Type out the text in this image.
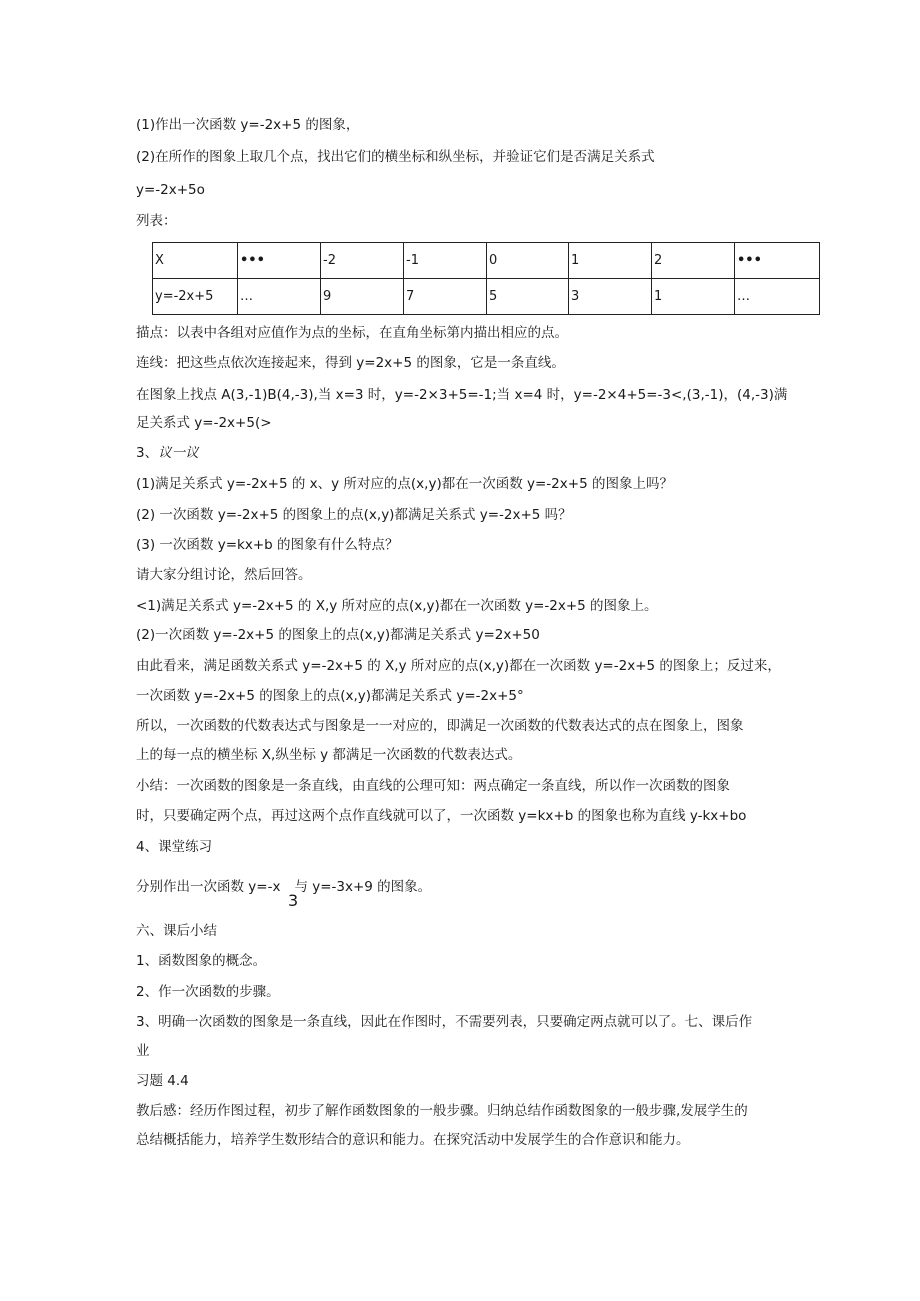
(1)作出一次函数 y=-2x+5 的图象，
(2)在所作的图象上取几个点，找出它们的横坐标和纵坐标，并验证它们是否满足关系式
y=-2x+5o
列表：
X	•••	-2	-1	0	1	2	•••
y=-2x+5	…	9	7	5	3	1	…
描点：以表中各组对应值作为点的坐标，在直角坐标第内描出相应的点。
连线：把这些点依次连接起来，得到 y=2x+5 的图象，它是一条直线。
在图象上找点 A(3,-1)B(4,-3),当 x=3 时，y=-2×3+5=-1;当 x=4 时，y=-2×4+5=-3<,(3,-1)，(4,-3)满
足关系式 y=-2x+5(>
3、议一议
(1)满足关系式 y=-2x+5 的 x、y 所对应的点(x,y)都在一次函数 y=-2x+5 的图象上吗？
(2) 一次函数 y=-2x+5 的图象上的点(x,y)都满足关系式 y=-2x+5 吗？
(3) 一次函数 y=kx+b 的图象有什么特点？
请大家分组讨论，然后回答。
<1)满足关系式 y=-2x+5 的 X,y 所对应的点(x,y)都在一次函数 y=-2x+5 的图象上。
(2)一次函数 y=-2x+5 的图象上的点(x,y)都满足关系式 y=2x+50
由此看来，满足函数关系式 y=-2x+5 的 X,y 所对应的点(x,y)都在一次函数 y=-2x+5 的图象上；反过来，
一次函数 y=-2x+5 的图象上的点(x,y)都满足关系式 y=-2x+5°
所以，一次函数的代数表达式与图象是一一对应的，即满足一次函数的代数表达式的点在图象上，图象
上的每一点的横坐标 X,纵坐标 y 都满足一次函数的代数表达式。
小结：一次函数的图象是一条直线，由直线的公理可知：两点确定一条直线，所以作一次函数的图象
时，只要确定两个点，再过这两个点作直线就可以了，一次函数 y=kx+b 的图象也称为直线 y-kx+bo
4、课堂练习
分别作出一次函数 y=-x 与 y=-3x+9 的图象。
3
六、课后小结
1、函数图象的概念。
2、作一次函数的步骤。
3、明确一次函数的图象是一条直线，因此在作图时，不需要列表，只要确定两点就可以了。七、课后作
业
习题 4.4
教后感：经历作图过程，初步了解作函数图象的一般步骤。归纳总结作函数图象的一般步骤,发展学生的
总结概括能力，培养学生数形结合的意识和能力。在探究活动中发展学生的合作意识和能力。
